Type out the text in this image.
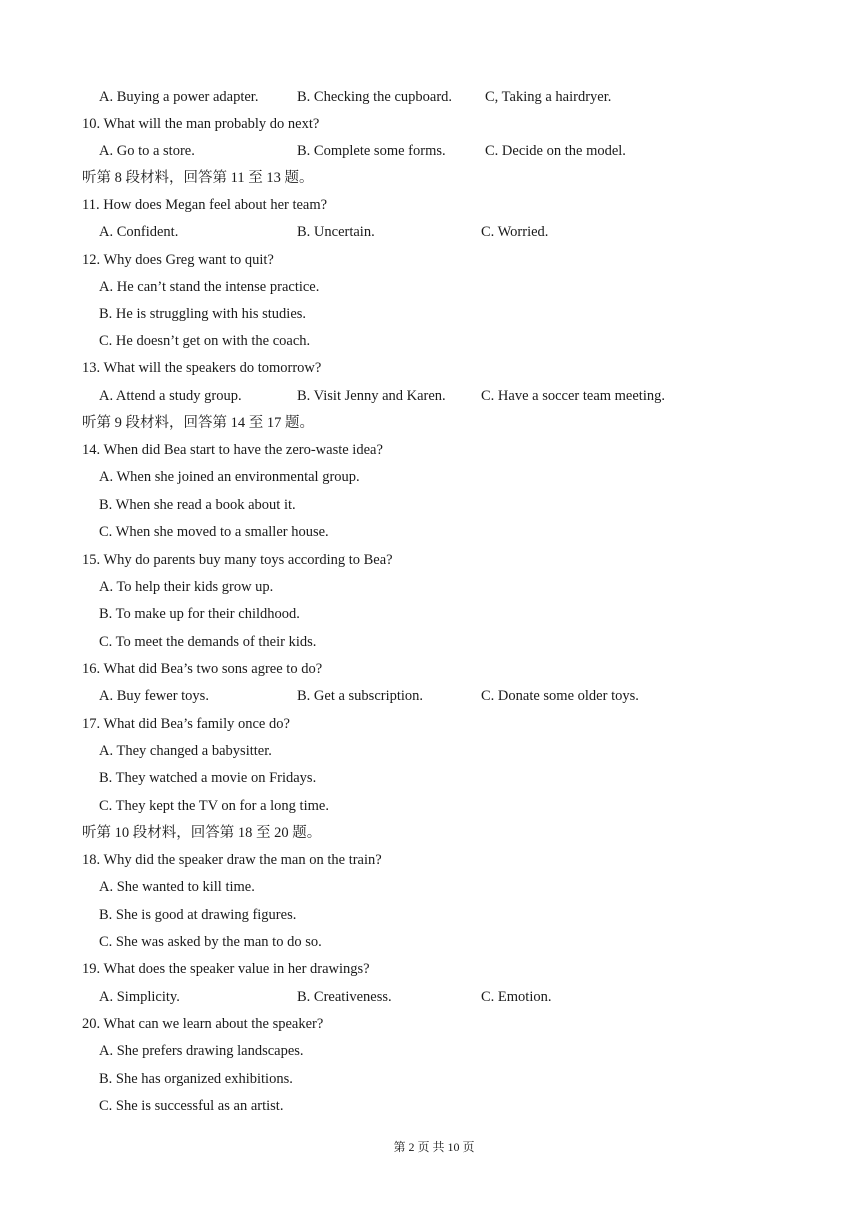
A. Buying a power adapter.	B. Checking the cupboard. C, Taking a hairdryer.
10. What will the man probably do next?
A. Go to a store.	B. Complete some forms.	C. Decide on the model.
听第 8 段材料，回答第 11 至 13 题。
11. How does Megan feel about her team?
A. Confident.	B. Uncertain.	C. Worried.
12. Why does Greg want to quit?
A. He can’t stand the intense practice.
B. He is struggling with his studies.
C. He doesn’t get on with the coach.
13. What will the speakers do tomorrow?
A. Attend a study group.	B. Visit Jenny and Karen. C. Have a soccer team meeting.
听第 9 段材料，回答第 14 至 17 题。
14. When did Bea start to have the zero-waste idea?
A. When she joined an environmental group.
B. When she read a book about it.
C. When she moved to a smaller house.
15. Why do parents buy many toys according to Bea?
A. To help their kids grow up.
B. To make up for their childhood.
C. To meet the demands of their kids.
16. What did Bea’s two sons agree to do?
A. Buy fewer toys.	B. Get a subscription.	C. Donate some older toys.
17. What did Bea’s family once do?
A. They changed a babysitter.
B. They watched a movie on Fridays.
C. They kept the TV on for a long time.
听第 10 段材料，回答第 18 至 20 题。
18. Why did the speaker draw the man on the train?
A. She wanted to kill time.
B. She is good at drawing figures.
C. She was asked by the man to do so.
19. What does the speaker value in her drawings?
A. Simplicity.	B. Creativeness.	C. Emotion.
20. What can we learn about the speaker?
A. She prefers drawing landscapes.
B. She has organized exhibitions.
C. She is successful as an artist.
第 2 页 共 10 页
